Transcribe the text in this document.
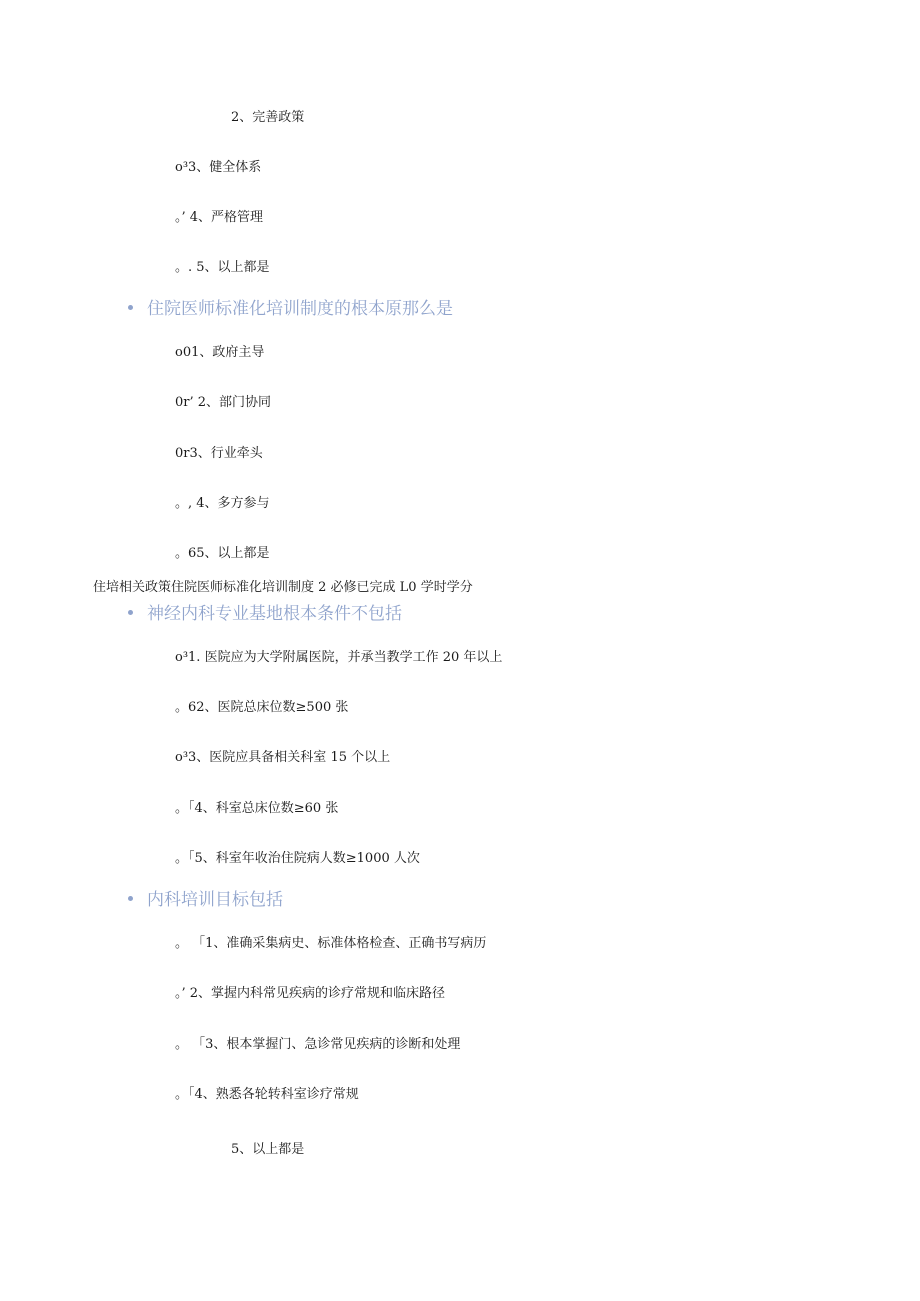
2、完善政策
o³3、健全体系
。’ 4、严格管理
。. 5、以上都是
住院医师标准化培训制度的根本原那么是
o01、政府主导
0r’ 2、部门协同
0r3、行业牵头
。, 4、多方参与
。65、以上都是
住培相关政策住院医师标准化培训制度 2 必修已完成 L0 学时学分
神经内科专业基地根本条件不包括
o³1. 医院应为大学附属医院，并承当教学工作 20 年以上
。62、医院总床位数≥500 张
o³3、医院应具备相关科室 15 个以上
。「4、科室总床位数≥60 张
。「5、科室年收治住院病人数≥1000 人次
内科培训目标包括
。 「1、准确采集病史、标准体格检查、正确书写病历
。’ 2、掌握内科常见疾病的诊疗常规和临床路径
。 「3、根本掌握门、急诊常见疾病的诊断和处理
。「4、熟悉各轮转科室诊疗常规
5、以上都是
